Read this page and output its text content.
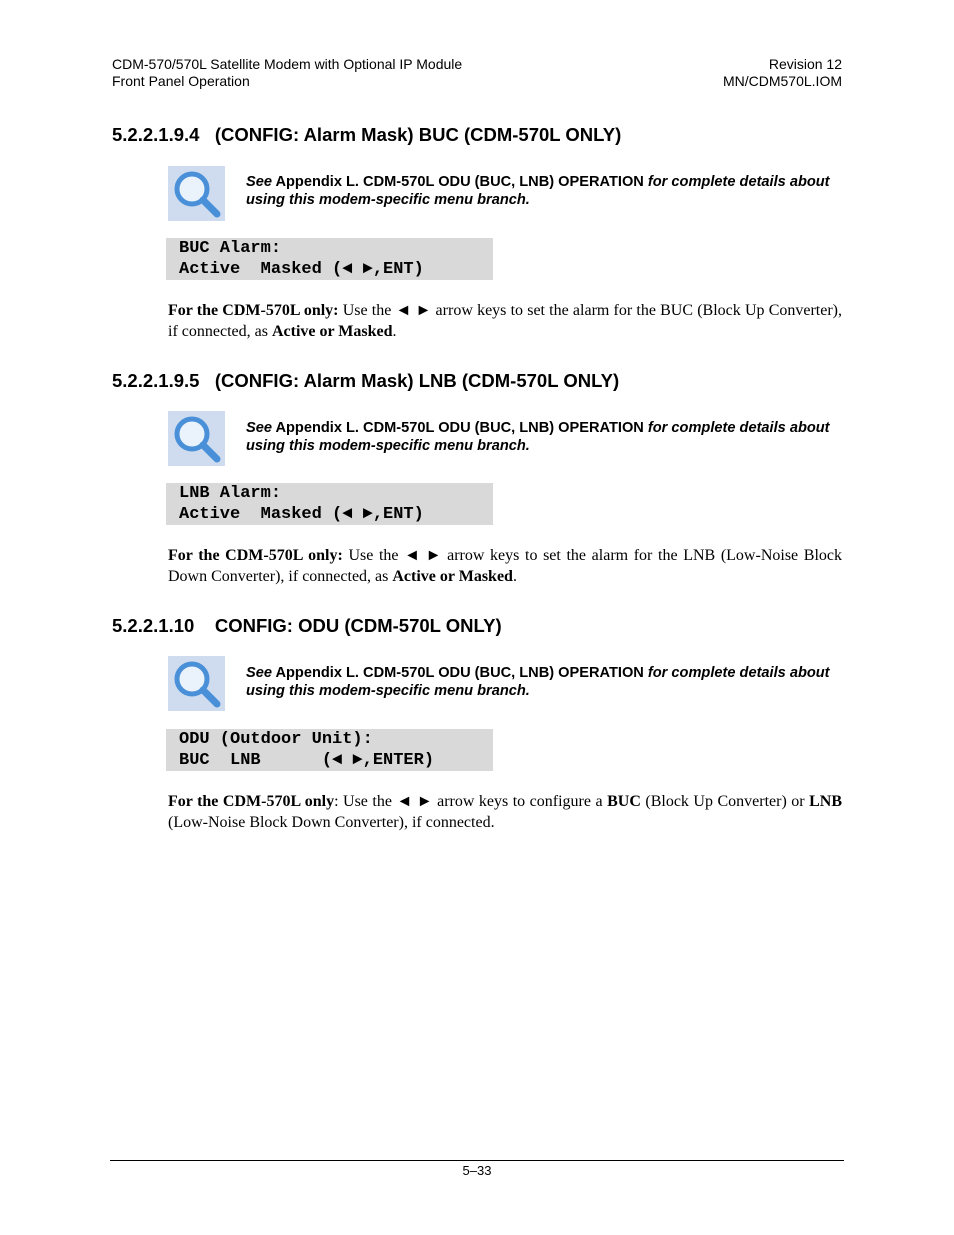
CDM-570/570L Satellite Modem with Optional IP Module
Front Panel Operation
Revision 12
MN/CDM570L.IOM
5.2.2.1.9.4 (CONFIG: Alarm Mask) BUC (CDM-570L ONLY)
See Appendix L. CDM-570L ODU (BUC, LNB) OPERATION for complete details about using this modem-specific menu branch.
BUC Alarm:
Active  Masked (◄ ►,ENT)
For the CDM-570L only: Use the ◄ ► arrow keys to set the alarm for the BUC (Block Up Converter), if connected, as Active or Masked.
5.2.2.1.9.5 (CONFIG: Alarm Mask) LNB (CDM-570L ONLY)
See Appendix L. CDM-570L ODU (BUC, LNB) OPERATION for complete details about using this modem-specific menu branch.
LNB Alarm:
Active  Masked (◄ ►,ENT)
For the CDM-570L only: Use the ◄ ► arrow keys to set the alarm for the LNB (Low-Noise Block Down Converter), if connected, as Active or Masked.
5.2.2.1.10 CONFIG: ODU (CDM-570L ONLY)
See Appendix L. CDM-570L ODU (BUC, LNB) OPERATION for complete details about using this modem-specific menu branch.
ODU (Outdoor Unit):
BUC  LNB      (◄ ►,ENTER)
For the CDM-570L only: Use the ◄ ► arrow keys to configure a BUC (Block Up Converter) or LNB (Low-Noise Block Down Converter), if connected.
5–33
